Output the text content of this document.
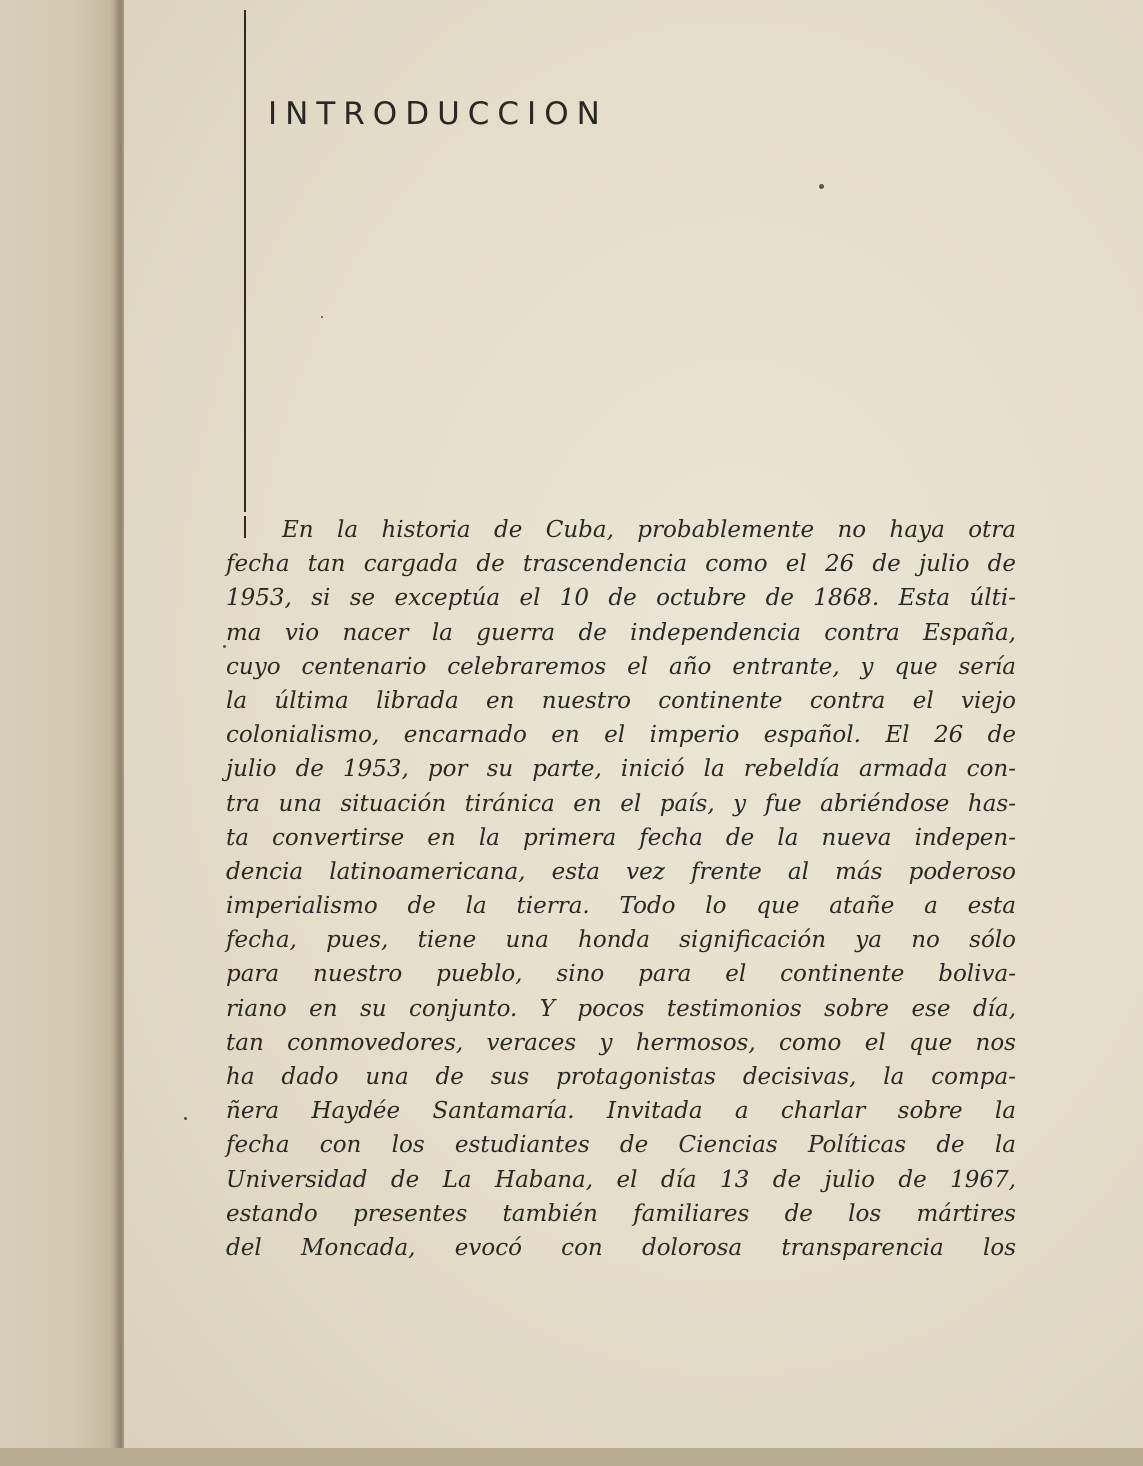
INTRODUCCION
En la historia de Cuba, probablemente no haya otra
fecha tan cargada de trascendencia como el 26 de julio de
1953, si se exceptúa el 10 de octubre de 1868. Esta últi-
ma vio nacer la guerra de independencia contra España,
cuyo centenario celebraremos el año entrante, y que sería
la última librada en nuestro continente contra el viejo
colonialismo, encarnado en el imperio español. El 26 de
julio de 1953, por su parte, inició la rebeldía armada con-
tra una situación tiránica en el país, y fue abriéndose has-
ta convertirse en la primera fecha de la nueva indepen-
dencia latinoamericana, esta vez frente al más poderoso
imperialismo de la tierra. Todo lo que atañe a esta
fecha, pues, tiene una honda significación ya no sólo
para nuestro pueblo, sino para el continente boliva-
riano en su conjunto. Y pocos testimonios sobre ese día,
tan conmovedores, veraces y hermosos, como el que nos
ha dado una de sus protagonistas decisivas, la compa-
ñera Haydée Santamaría. Invitada a charlar sobre la
fecha con los estudiantes de Ciencias Políticas de la
Universidad de La Habana, el día 13 de julio de 1967,
estando presentes también familiares de los mártires
del Moncada, evocó con dolorosa transparencia los
